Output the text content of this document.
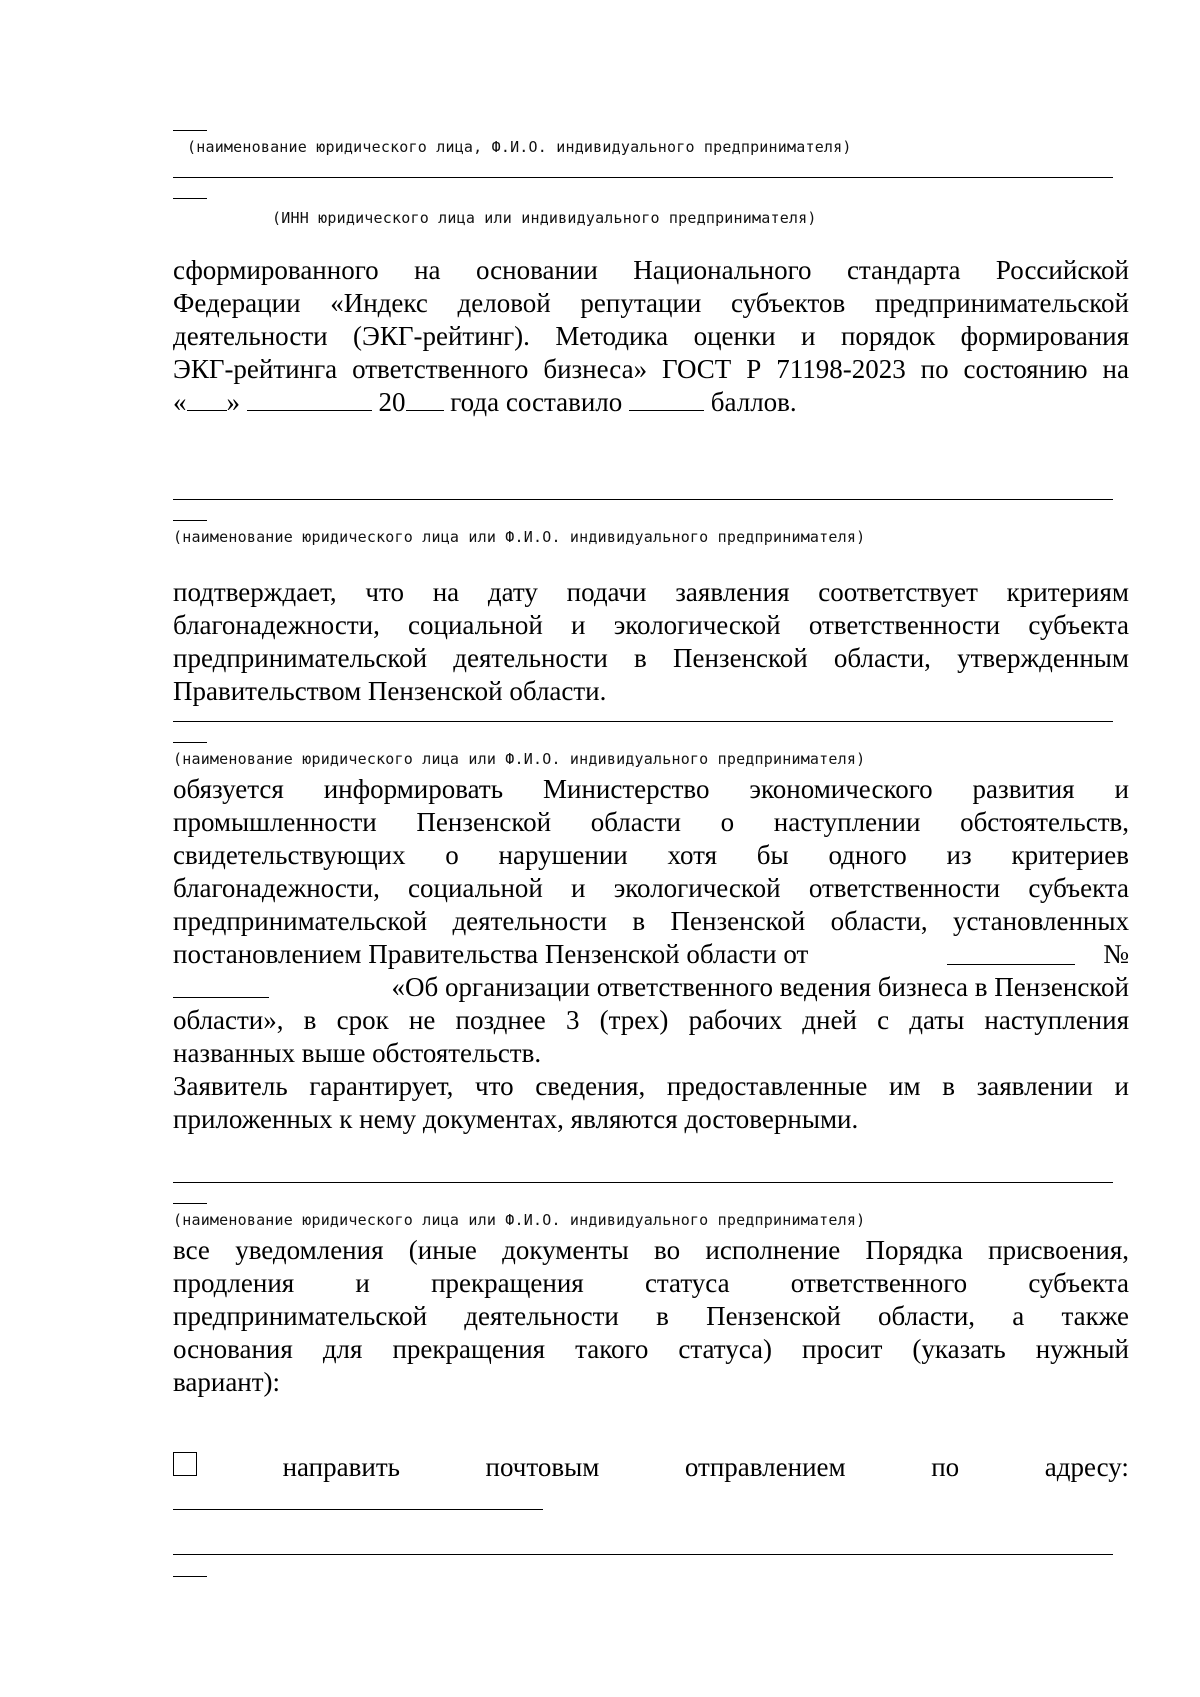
(наименование юридического лица, Ф.И.О. индивидуального предпринимателя)
(ИНН юридического лица или индивидуального предпринимателя)
сформированного на основании Национального стандарта Российской
Федерации «Индекс деловой репутации субъектов предпринимательской
деятельности (ЭКГ-рейтинг). Методика оценки и порядок формирования
ЭКГ-рейтинга ответственного бизнеса» ГОСТ Р 71198-2023 по состоянию на
« »	20 года составило	баллов.
(наименование юридического лица или Ф.И.О. индивидуального предпринимателя)
подтверждает, что на дату подачи заявления соответствует критериям
благонадежности, социальной и экологической ответственности субъекта
предпринимательской деятельности в Пензенской области, утвержденным
Правительством Пензенской области.
(наименование юридического лица или Ф.И.О. индивидуального предпринимателя)
обязуется информировать Министерство экономического развития и
промышленности Пензенской области о наступлении обстоятельств,
свидетельствующих о нарушении хотя бы одного из критериев
благонадежности, социальной и экологической ответственности субъекта
предпринимательской деятельности в Пензенской области, установленных
постановлением Правительства Пензенской области от	№
«Об организации ответственного ведения бизнеса в Пензенской
области», в срок не позднее 3 (трех) рабочих дней с даты наступления
названных выше обстоятельств.
Заявитель гарантирует, что сведения, предоставленные им в заявлении и
приложенных к нему документах, являются достоверными.
(наименование юридического лица или Ф.И.О. индивидуального предпринимателя)
все уведомления (иные документы во исполнение Порядка присвоения,
продления и прекращения статуса ответственного субъекта
предпринимательской деятельности в Пензенской области, а также
основания для прекращения такого статуса) просит (указать нужный
вариант):
направить	почтовым	отправлением	по	адресу:
